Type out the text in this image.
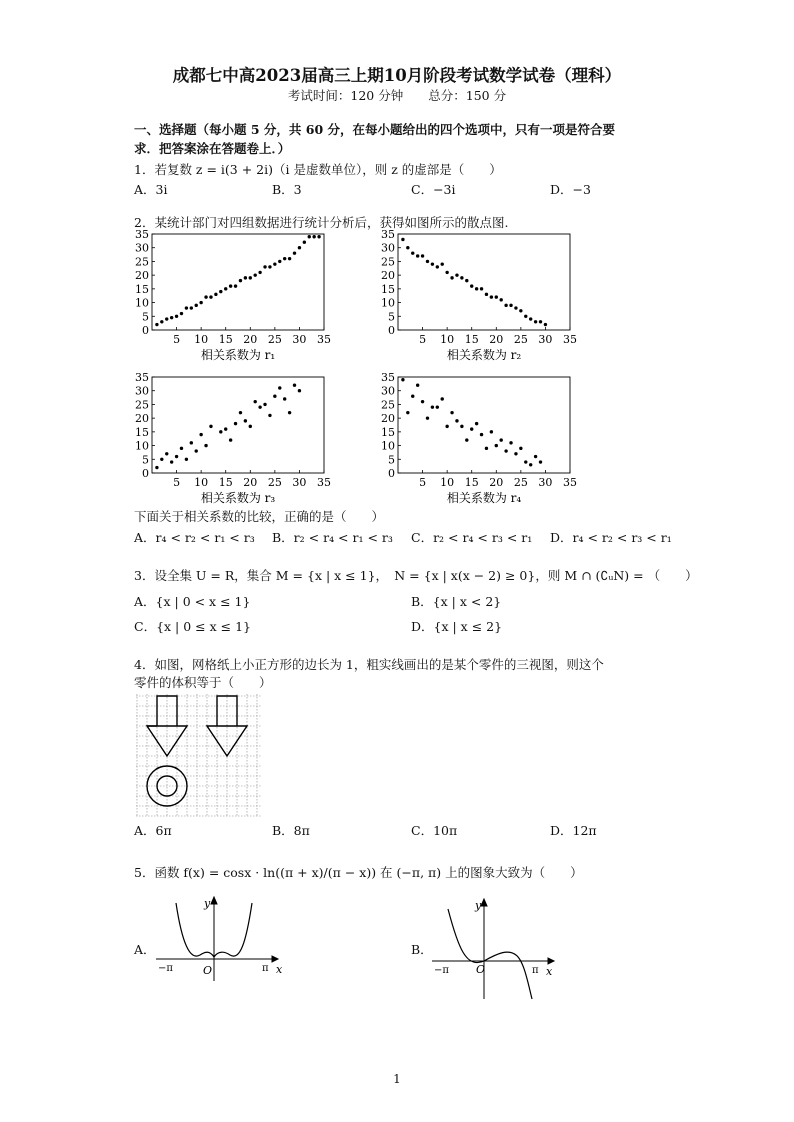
成都七中高2023届高三上期10月阶段考试数学试卷（理科）
考试时间：120 分钟　　总分：150 分
一、选择题（每小题 5 分，共 60 分，在每小题给出的四个选项中，只有一项是符合要
求．把答案涂在答题卷上．）
1．若复数 z = i(3 + 2i)（i 是虚数单位），则 z 的虚部是（　　）
A．3i	B．3	C．−3i	D．−3
2．某统计部门对四组数据进行统计分析后，获得如图所示的散点图.
0
5
10
15
20
25
30
35
5 10 15 20 25 30 35
相关系数为 r₁
0
5
10
15
20
25
30
35
5 10 15 20 25 30 35
相关系数为 r₂
0
5
10
15
20
25
30
35
5 10 15 20 25 30 35
相关系数为 r₃
0
5
10
15
20
25
30
35
5 10 15 20 25 30 35
相关系数为 r₄
下面关于相关系数的比较，正确的是（　　）
A．r₄ < r₂ < r₁ < r₃ B．r₂ < r₄ < r₁ < r₃ C．r₂ < r₄ < r₃ < r₁ D．r₄ < r₂ < r₃ < r₁
3．设全集 U = R，集合 M = {x | x ≤ 1}，　N = {x | x(x − 2) ≥ 0}，则 M ∩ (∁ᵤN) = （　　）
A．{x | 0 < x ≤ 1}	B．{x | x < 2}
C．{x | 0 ≤ x ≤ 1}	D．{x | x ≤ 2}
4．如图，网格纸上小正方形的边长为 1，粗实线画出的是某个零件的三视图，则这个
零件的体积等于（　　）
A．6π	B．8π	C．10π	D．12π
5．函数 f(x) = cosx · ln((π + x)/(π − x)) 在 (−π, π) 上的图象大致为（　　）
A．
y
x
O
−π	π
B．
y
x
O
−π	π
1
